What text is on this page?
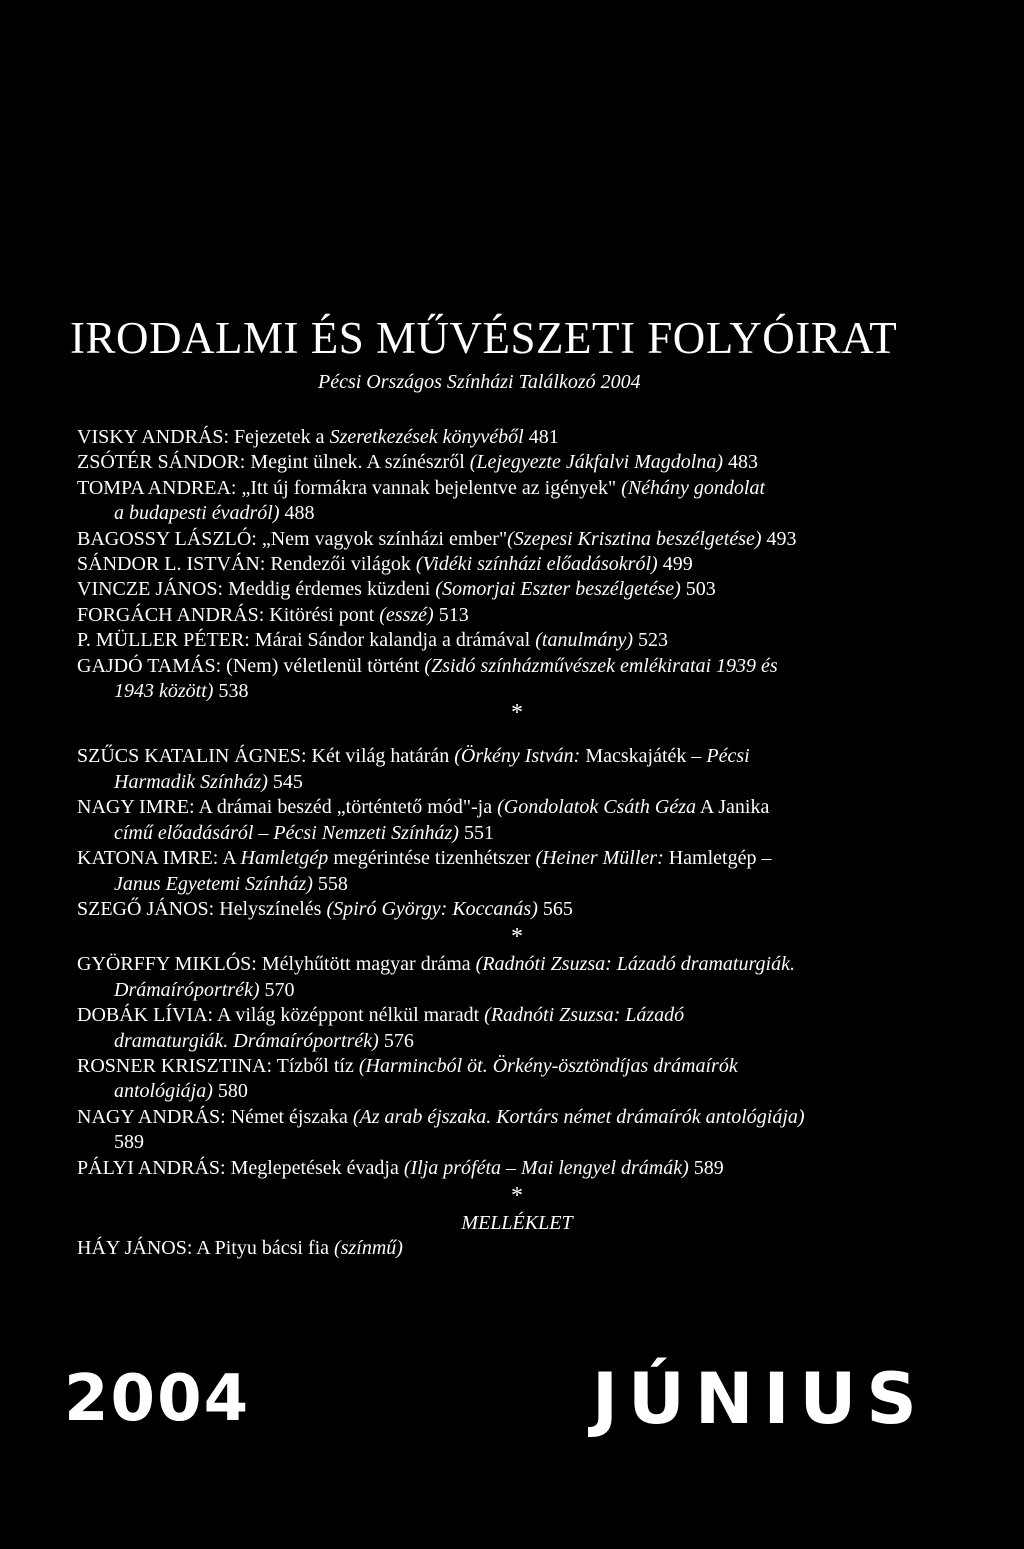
IRODALMI ÉS MŰVÉSZETI FOLYÓIRAT
Pécsi Országos Színházi Találkozó 2004
VISKY ANDRÁS: Fejezetek a Szeretkezések könyvéből 481
ZSÓTÉR SÁNDOR: Megint ülnek. A színészről (Lejegyezte Jákfalvi Magdolna) 483
TOMPA ANDREA: „Itt új formákra vannak bejelentve az igények" (Néhány gondolat
a budapesti évadról) 488
BAGOSSY LÁSZLÓ: „Nem vagyok színházi ember"(Szepesi Krisztina beszélgetése) 493
SÁNDOR L. ISTVÁN: Rendezői világok (Vidéki színházi előadásokról) 499
VINCZE JÁNOS: Meddig érdemes küzdeni (Somorjai Eszter beszélgetése) 503
FORGÁCH ANDRÁS: Kitörési pont (esszé) 513
P. MÜLLER PÉTER: Márai Sándor kalandja a drámával (tanulmány) 523
GAJDÓ TAMÁS: (Nem) véletlenül történt (Zsidó színházművészek emlékiratai 1939 és
1943 között) 538
*
SZŰCS KATALIN ÁGNES: Két világ határán (Örkény István: Macskajáték – Pécsi
Harmadik Színház) 545
NAGY IMRE: A drámai beszéd „történtető mód"-ja (Gondolatok Csáth Géza A Janika
című előadásáról – Pécsi Nemzeti Színház) 551
KATONA IMRE: A Hamletgép megérintése tizenhétszer (Heiner Müller: Hamletgép –
Janus Egyetemi Színház) 558
SZEGŐ JÁNOS: Helyszínelés (Spiró György: Koccanás) 565
*
GYÖRFFY MIKLÓS: Mélyhűtött magyar dráma (Radnóti Zsuzsa: Lázadó dramaturgiák.
Drámaíróportrék) 570
DOBÁK LÍVIA: A világ középpont nélkül maradt (Radnóti Zsuzsa: Lázadó
dramaturgiák. Drámaíróportrék) 576
ROSNER KRISZTINA: Tízből tíz (Harmincból öt. Örkény-ösztöndíjas drámaírók
antológiája) 580
NAGY ANDRÁS: Német éjszaka (Az arab éjszaka. Kortárs német drámaírók antológiája)
589
PÁLYI ANDRÁS: Meglepetések évadja (Ilja próféta – Mai lengyel drámák) 589
*
MELLÉKLET
HÁY JÁNOS: A Pityu bácsi fia (színmű)
2004	JÚNIUS
